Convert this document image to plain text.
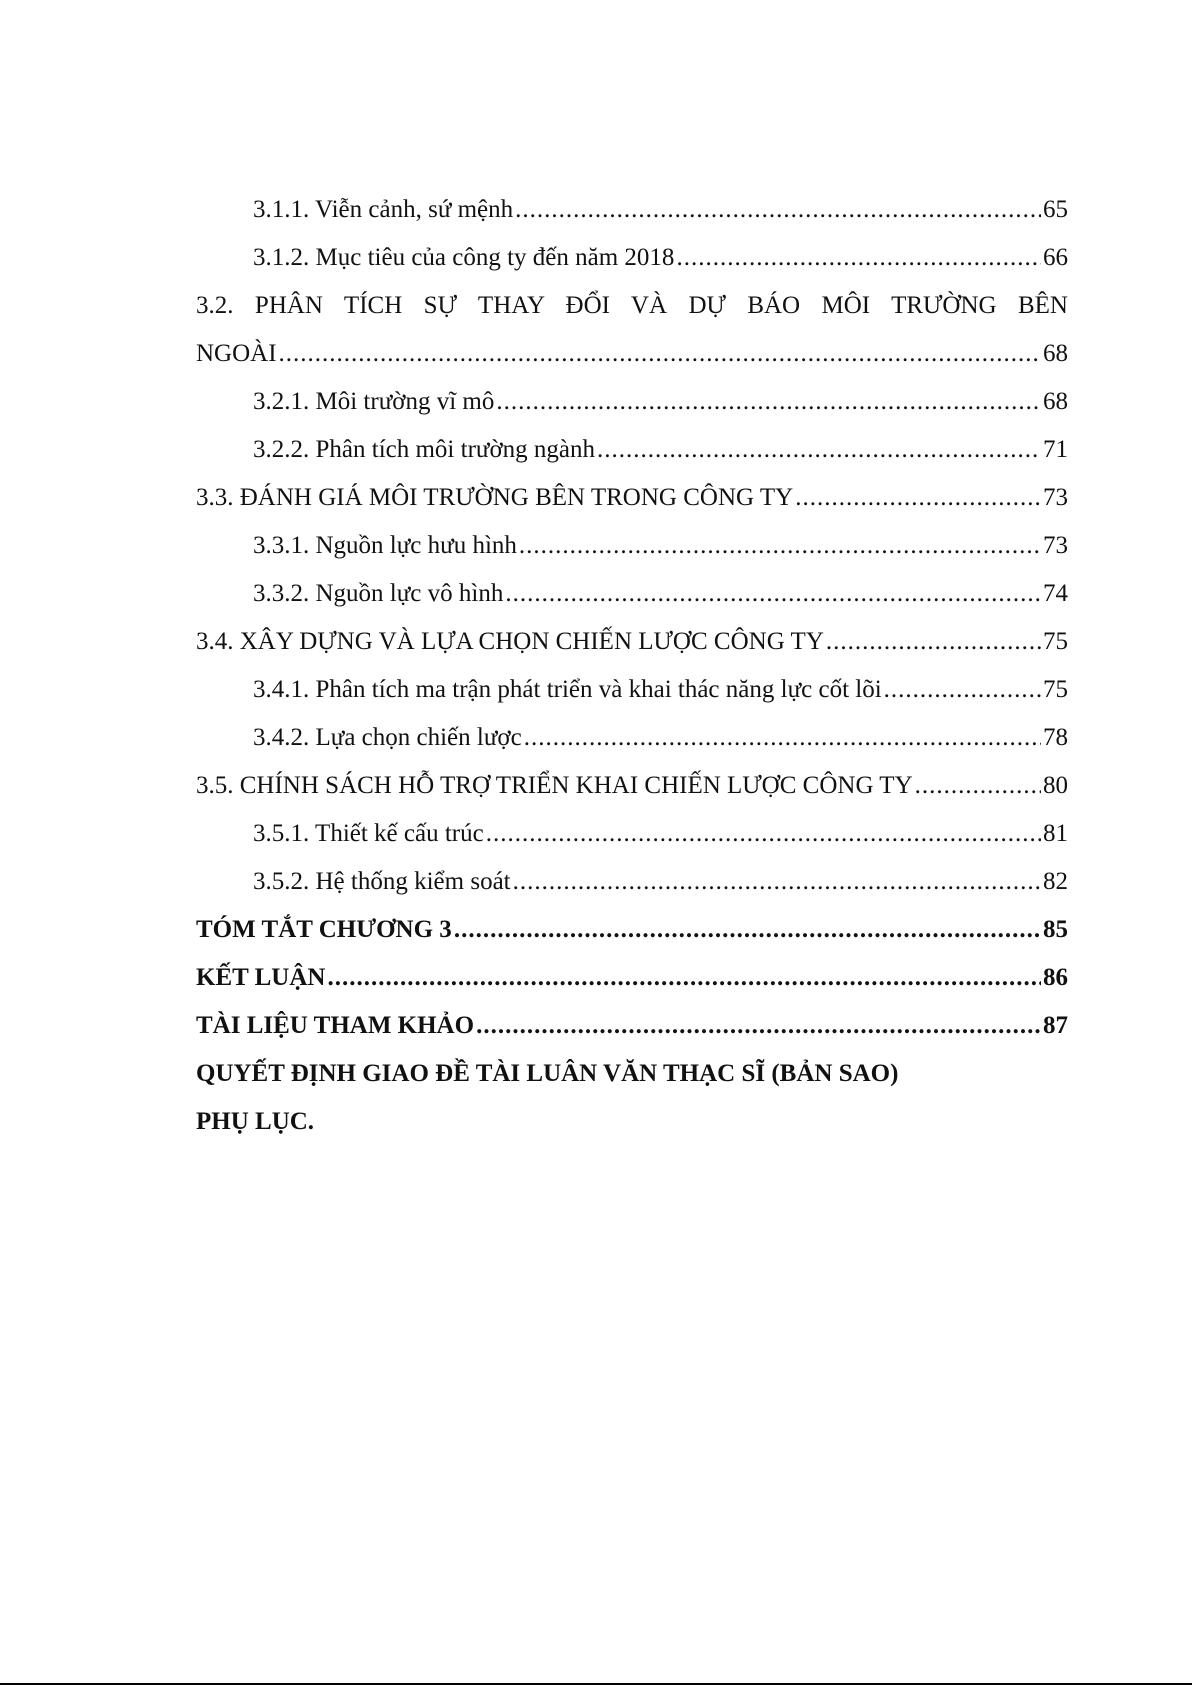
3.1.1. Viễn cảnh, sứ mệnh .....	65
3.1.2. Mục tiêu của công ty đến năm 2018 .....	66
3.2. PHÂN TÍCH SỰ THAY ĐỔI VÀ DỰ BÁO MÔI TRƯỜNG BÊN
NGOÀI .....	68
3.2.1. Môi trường vĩ mô .....	68
3.2.2. Phân tích môi trường ngành .....	71
3.3. ĐÁNH GIÁ MÔI TRƯỜNG BÊN TRONG CÔNG TY .....	73
3.3.1. Nguồn lực hưu hình .....	73
3.3.2. Nguồn lực vô hình .....	74
3.4. XÂY DỰNG VÀ LỰA CHỌN CHIẾN LƯỢC CÔNG TY .....	75
3.4.1. Phân tích ma trận phát triển và khai thác năng lực cốt lõi .....	75
3.4.2. Lựa chọn chiến lược .....	78
3.5. CHÍNH SÁCH HỖ TRỢ TRIỂN KHAI CHIẾN LƯỢC CÔNG TY .....	80
3.5.1. Thiết kế cấu trúc .....	81
3.5.2. Hệ thống kiểm soát .....	82
TÓM TẮT CHƯƠNG 3 .....	85
KẾT LUẬN .....	86
TÀI LIỆU THAM KHẢO .....	87
QUYẾT ĐỊNH GIAO ĐỀ TÀI LUÂN VĂN THẠC SĨ (BẢN SAO)
PHỤ LỤC.
